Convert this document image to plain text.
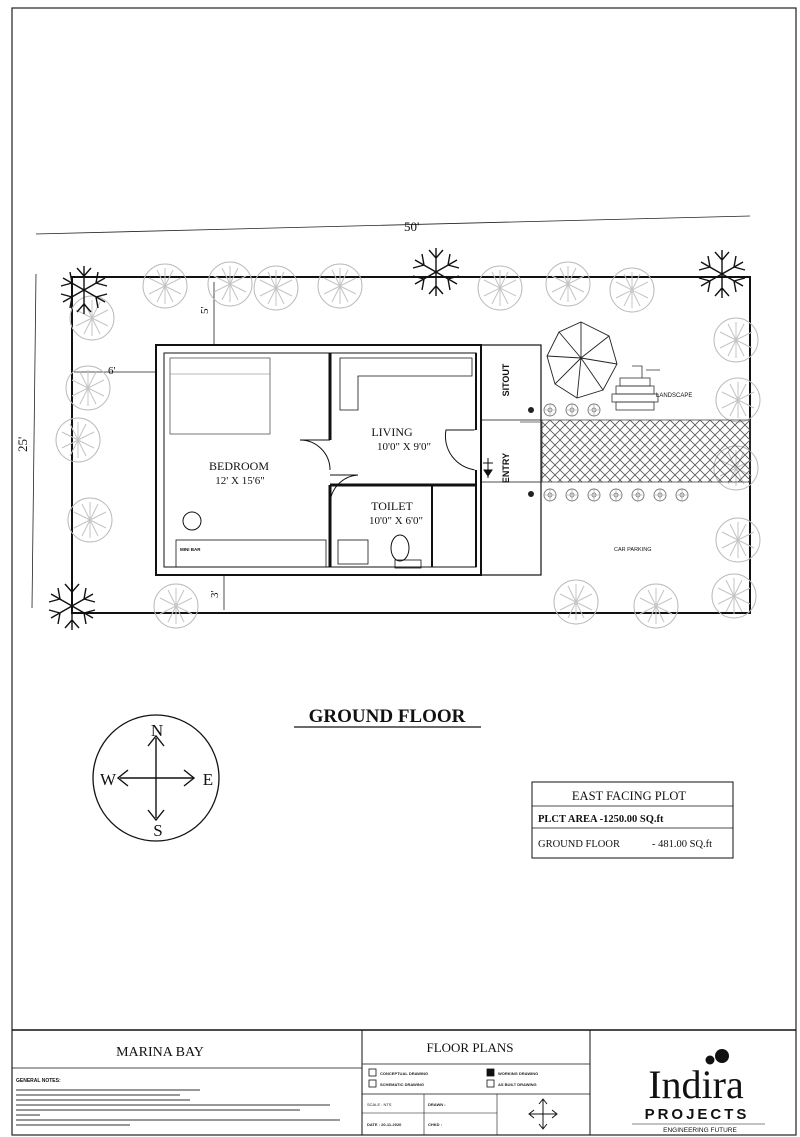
50'
25'
5'
6'
3'
BEDROOM
12' X 15'6"
LIVING
10'0" X 9'0"
TOILET
10'0" X 6'0"
SITOUT
ENTRY
MINI BAR	CAR PARKING
LANDSCAPE
GROUND FLOOR
N
S
W	E
EAST FACING PLOT
PLCT AREA -1250.00 SQ.ft
GROUND FLOOR	- 481.00 SQ.ft
MARINA BAY
GENERAL NOTES:
FLOOR PLANS
CONCEPTUAL DRAWING
SCHEMATIC DRAWING
WORKING DRAWING
AS BUILT DRAWING
SCALE : NTS	DRAWN :
DATE : 20-11-2020	CHKD :
Indira
PROJECTS
ENGINEERING FUTURE
